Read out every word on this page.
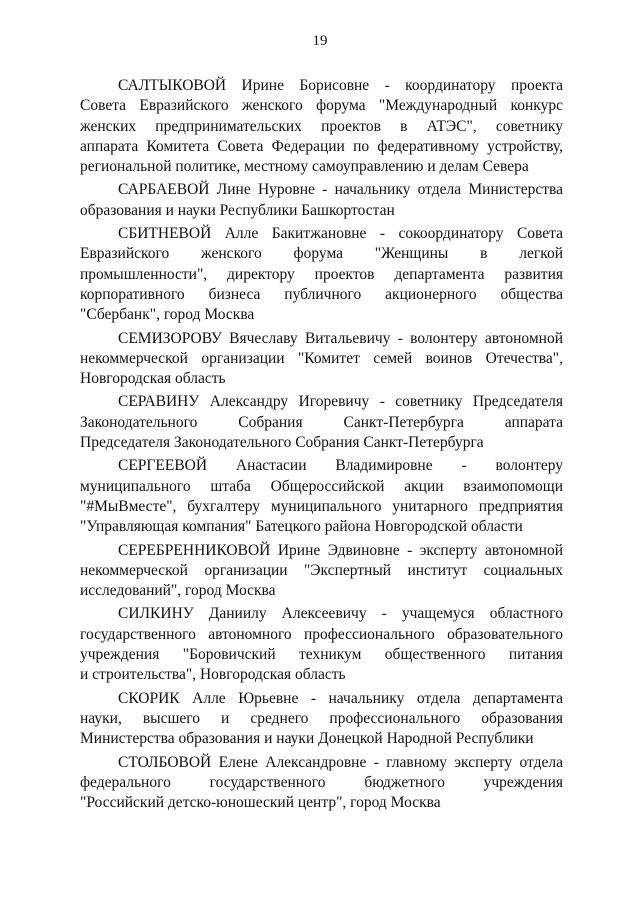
19
САЛТЫКОВОЙ Ирине Борисовне - координатору проекта
Совета Евразийского женского форума "Международный конкурс
женских предпринимательских проектов в АТЭС", советнику
аппарата Комитета Совета Федерации по федеративному устройству,
региональной политике, местному самоуправлению и делам Севера
САРБАЕВОЙ Лине Нуровне - начальнику отдела Министерства
образования и науки Республики Башкортостан
СБИТНЕВОЙ Алле Бакитжановне - сокоординатору Совета
Евразийского женского форума "Женщины в легкой
промышленности", директору проектов департамента развития
корпоративного бизнеса публичного акционерного общества
"Сбербанк", город Москва
СЕМИЗОРОВУ Вячеславу Витальевичу - волонтеру автономной
некоммерческой организации "Комитет семей воинов Отечества",
Новгородская область
СЕРАВИНУ Александру Игоревичу - советнику Председателя
Законодательного Собрания Санкт-Петербурга аппарата
Председателя Законодательного Собрания Санкт-Петербурга
СЕРГЕЕВОЙ Анастасии Владимировне - волонтеру
муниципального штаба Общероссийской акции взаимопомощи
"#МыВместе", бухгалтеру муниципального унитарного предприятия
"Управляющая компания" Батецкого района Новгородской области
СЕРЕБРЕННИКОВОЙ Ирине Эдвиновне - эксперту автономной
некоммерческой организации "Экспертный институт социальных
исследований", город Москва
СИЛКИНУ Даниилу Алексеевичу - учащемуся областного
государственного автономного профессионального образовательного
учреждения "Боровичский техникум общественного питания
и строительства", Новгородская область
СКОРИК Алле Юрьевне - начальнику отдела департамента
науки, высшего и среднего профессионального образования
Министерства образования и науки Донецкой Народной Республики
СТОЛБОВОЙ Елене Александровне - главному эксперту отдела
федерального государственного бюджетного учреждения
"Российский детско-юношеский центр", город Москва
